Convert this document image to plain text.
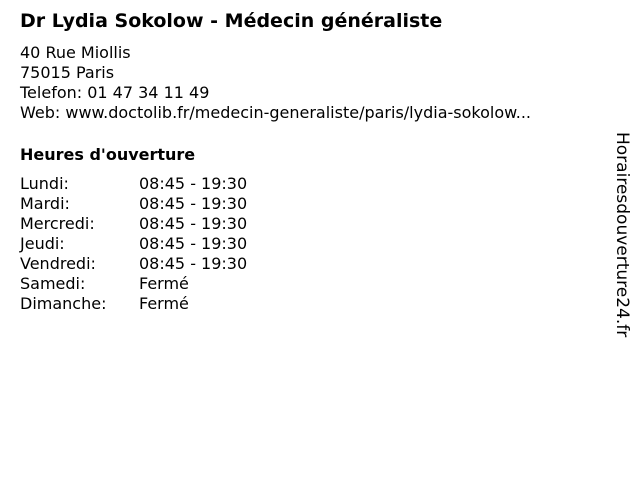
Dr Lydia Sokolow - Médecin généraliste
40 Rue Miollis
75015 Paris
Telefon: 01 47 34 11 49
Web: www.doctolib.fr/medecin-generaliste/paris/lydia-sokolow...
Heures d'ouverture
Lundi:	08:45 - 19:30
Mardi:	08:45 - 19:30
Mercredi:	08:45 - 19:30
Jeudi:	08:45 - 19:30
Vendredi:	08:45 - 19:30
Samedi:	Fermé
Dimanche: Fermé	Horairesdouverture24.fr
